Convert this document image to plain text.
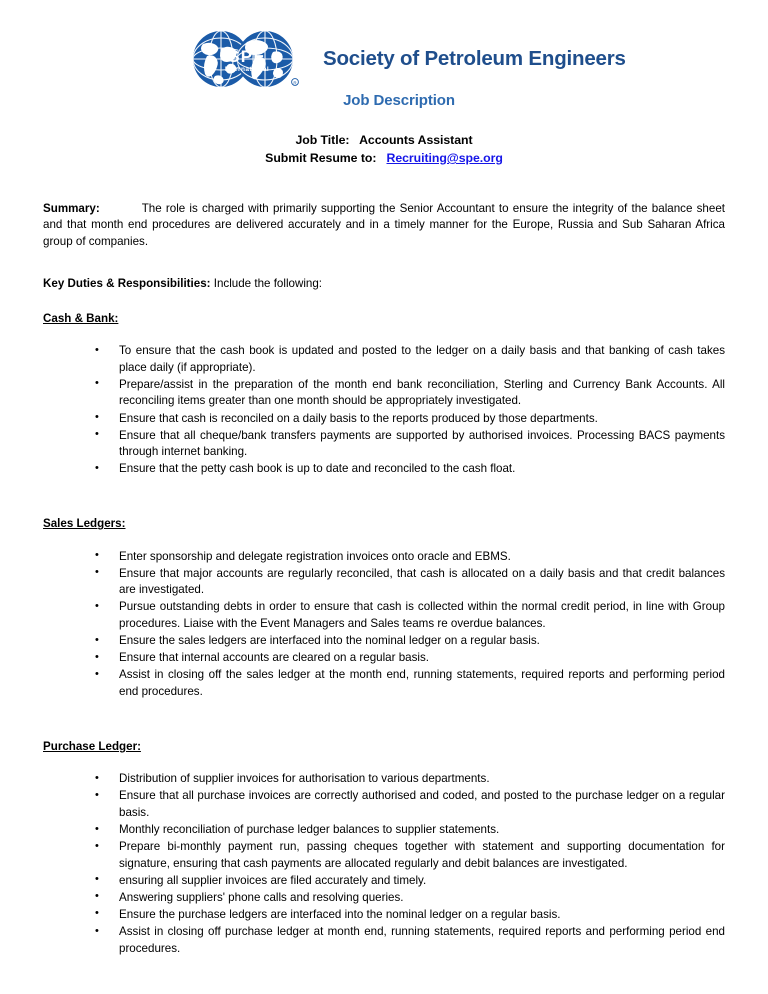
SPE
International
R
Society of Petroleum Engineers
Job Description
Job Title: Accounts Assistant
Submit Resume to: Recruiting@spe.org
Summary:	The role is charged with primarily supporting the Senior Accountant to ensure the integrity of the balance sheet and that month end procedures are delivered accurately and in a timely manner for the Europe, Russia and Sub Saharan Africa group of companies.
Key Duties & Responsibilities: Include the following:
Cash & Bank:
• To ensure that the cash book is updated and posted to the ledger on a daily basis and that banking of cash takes place daily (if appropriate).
• Prepare/assist in the preparation of the month end bank reconciliation, Sterling and Currency Bank Accounts. All reconciling items greater than one month should be appropriately investigated.
• Ensure that cash is reconciled on a daily basis to the reports produced by those departments.
• Ensure that all cheque/bank transfers payments are supported by authorised invoices. Processing BACS payments through internet banking.
• Ensure that the petty cash book is up to date and reconciled to the cash float.
Sales Ledgers:
• Enter sponsorship and delegate registration invoices onto oracle and EBMS.
• Ensure that major accounts are regularly reconciled, that cash is allocated on a daily basis and that credit balances are investigated.
• Pursue outstanding debts in order to ensure that cash is collected within the normal credit period, in line with Group procedures. Liaise with the Event Managers and Sales teams re overdue balances.
• Ensure the sales ledgers are interfaced into the nominal ledger on a regular basis.
• Ensure that internal accounts are cleared on a regular basis.
• Assist in closing off the sales ledger at the month end, running statements, required reports and performing period end procedures.
Purchase Ledger:
• Distribution of supplier invoices for authorisation to various departments.
• Ensure that all purchase invoices are correctly authorised and coded, and posted to the purchase ledger on a regular basis.
• Monthly reconciliation of purchase ledger balances to supplier statements.
• Prepare bi-monthly payment run, passing cheques together with statement and supporting documentation for signature, ensuring that cash payments are allocated regularly and debit balances are investigated.
• ensuring all supplier invoices are filed accurately and timely.
• Answering suppliers' phone calls and resolving queries.
• Ensure the purchase ledgers are interfaced into the nominal ledger on a regular basis.
• Assist in closing off purchase ledger at month end, running statements, required reports and performing period end procedures.
